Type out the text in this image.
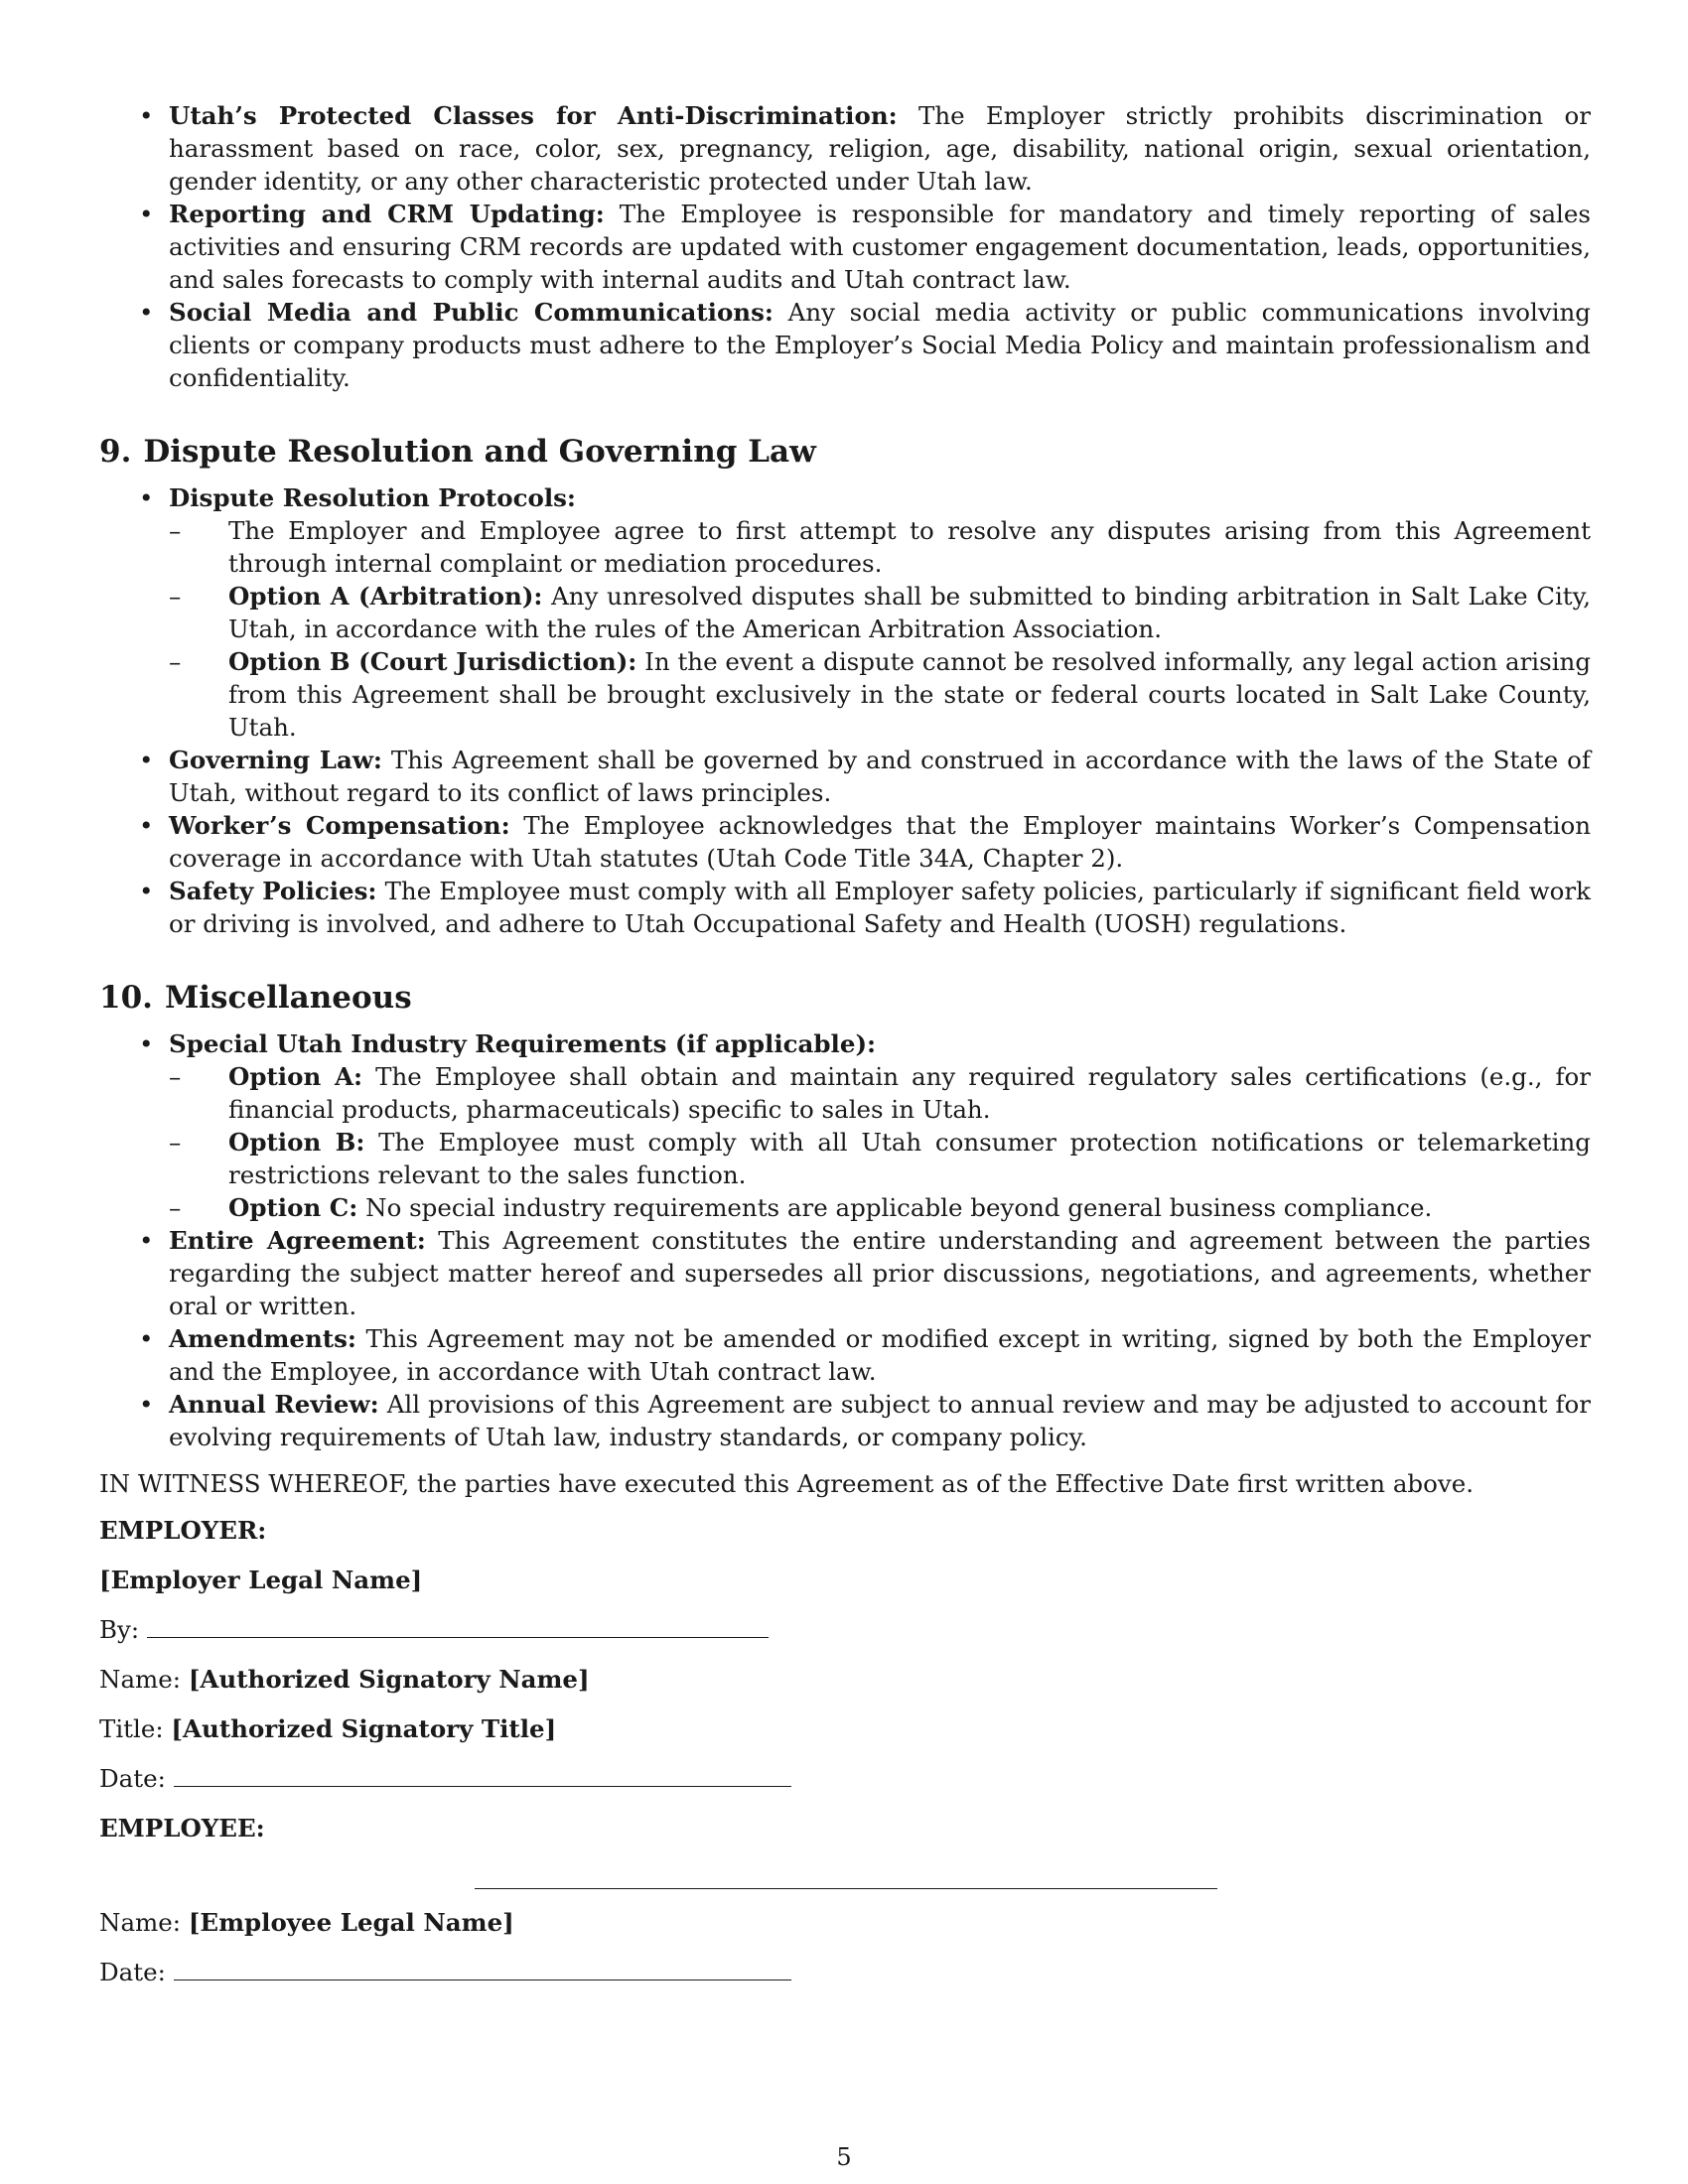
• Utah’s Protected Classes for Anti-Discrimination: The Employer strictly prohibits discrimination or harassment based on race, color, sex, pregnancy, religion, age, disability, national origin, sexual orientation, gender identity, or any other characteristic protected under Utah law.
• Reporting and CRM Updating: The Employee is responsible for mandatory and timely reporting of sales activities and ensuring CRM records are updated with customer engagement documentation, leads, opportunities, and sales forecasts to comply with internal audits and Utah contract law.
• Social Media and Public Communications: Any social media activity or public communications involving clients or company products must adhere to the Employer’s Social Media Policy and maintain professionalism and confidentiality.
9. Dispute Resolution and Governing Law
• Dispute Resolution Protocols:
– The Employer and Employee agree to first attempt to resolve any disputes arising from this Agreement through internal complaint or mediation procedures.
– Option A (Arbitration): Any unresolved disputes shall be submitted to binding arbitration in Salt Lake City, Utah, in accordance with the rules of the American Arbitration Association.
– Option B (Court Jurisdiction): In the event a dispute cannot be resolved informally, any legal action arising from this Agreement shall be brought exclusively in the state or federal courts located in Salt Lake County, Utah.
• Governing Law: This Agreement shall be governed by and construed in accordance with the laws of the State of Utah, without regard to its conflict of laws principles.
• Worker’s Compensation: The Employee acknowledges that the Employer maintains Worker’s Compensation coverage in accordance with Utah statutes (Utah Code Title 34A, Chapter 2).
• Safety Policies: The Employee must comply with all Employer safety policies, particularly if significant field work or driving is involved, and adhere to Utah Occupational Safety and Health (UOSH) regulations.
10. Miscellaneous
• Special Utah Industry Requirements (if applicable):
– Option A: The Employee shall obtain and maintain any required regulatory sales certifications (e.g., for financial products, pharmaceuticals) specific to sales in Utah.
– Option B: The Employee must comply with all Utah consumer protection notifications or telemarketing restrictions relevant to the sales function.
– Option C: No special industry requirements are applicable beyond general business compliance.
• Entire Agreement: This Agreement constitutes the entire understanding and agreement between the parties regarding the subject matter hereof and supersedes all prior discussions, negotiations, and agreements, whether oral or written.
• Amendments: This Agreement may not be amended or modified except in writing, signed by both the Employer and the Employee, in accordance with Utah contract law.
• Annual Review: All provisions of this Agreement are subject to annual review and may be adjusted to account for evolving requirements of Utah law, industry standards, or company policy.

IN WITNESS WHEREOF, the parties have executed this Agreement as of the Effective Date first written above.

EMPLOYER:

[Employer Legal Name]

By:

Name: [Authorized Signatory Name]

Title: [Authorized Signatory Title]

Date:

EMPLOYEE:

Name: [Employee Legal Name]

Date:

5
